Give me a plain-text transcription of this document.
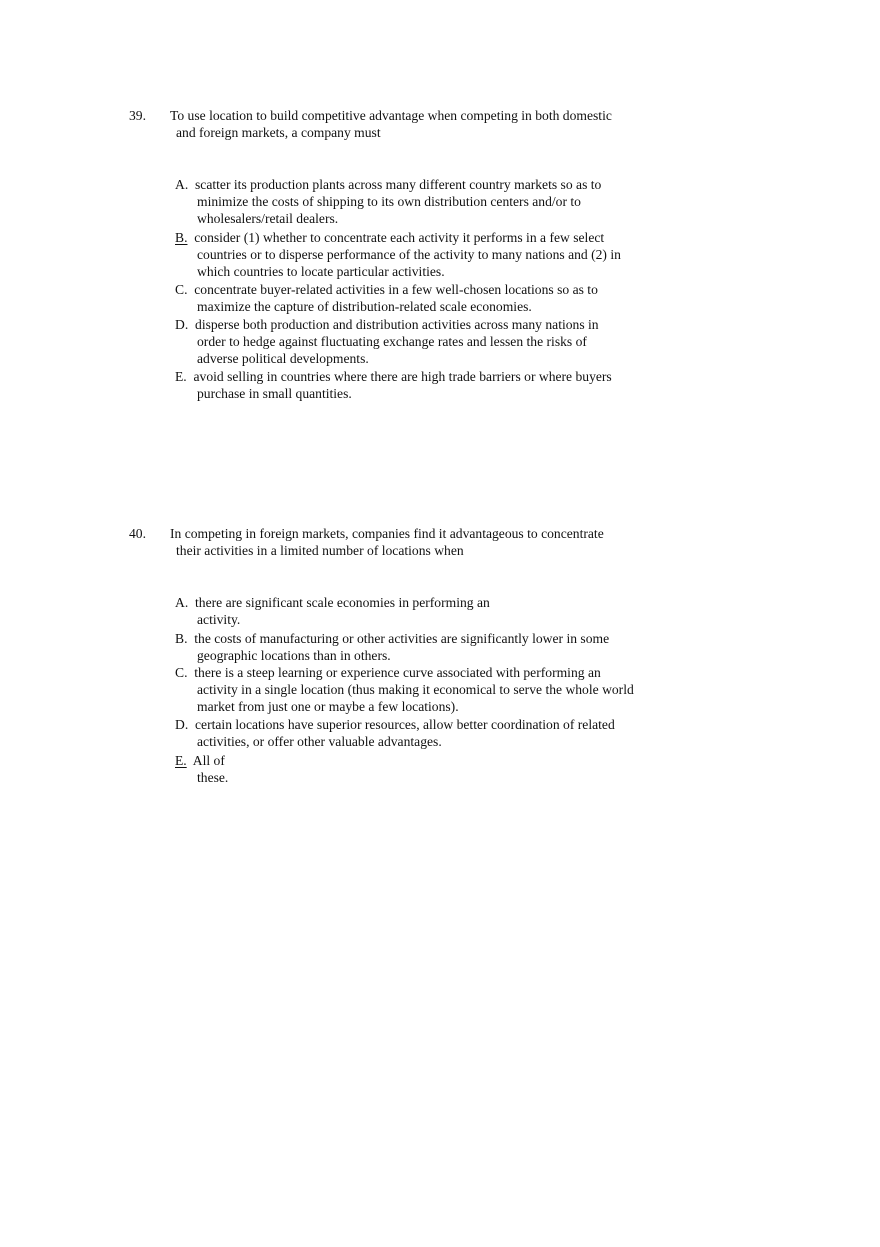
39. To use location to build competitive advantage when competing in both domestic
and foreign markets, a company must
A. scatter its production plants across many different country markets so as to
minimize the costs of shipping to its own distribution centers and/or to
wholesalers/retail dealers.
B. consider (1) whether to concentrate each activity it performs in a few select
countries or to disperse performance of the activity to many nations and (2) in
which countries to locate particular activities.
C. concentrate buyer-related activities in a few well-chosen locations so as to
maximize the capture of distribution-related scale economies.
D. disperse both production and distribution activities across many nations in
order to hedge against fluctuating exchange rates and lessen the risks of
adverse political developments.
E. avoid selling in countries where there are high trade barriers or where buyers
purchase in small quantities.
40. In competing in foreign markets, companies find it advantageous to concentrate
their activities in a limited number of locations when
A. there are significant scale economies in performing an
activity.
B. the costs of manufacturing or other activities are significantly lower in some
geographic locations than in others.
C. there is a steep learning or experience curve associated with performing an
activity in a single location (thus making it economical to serve the whole world
market from just one or maybe a few locations).
D. certain locations have superior resources, allow better coordination of related
activities, or offer other valuable advantages.
E. All of
these.
